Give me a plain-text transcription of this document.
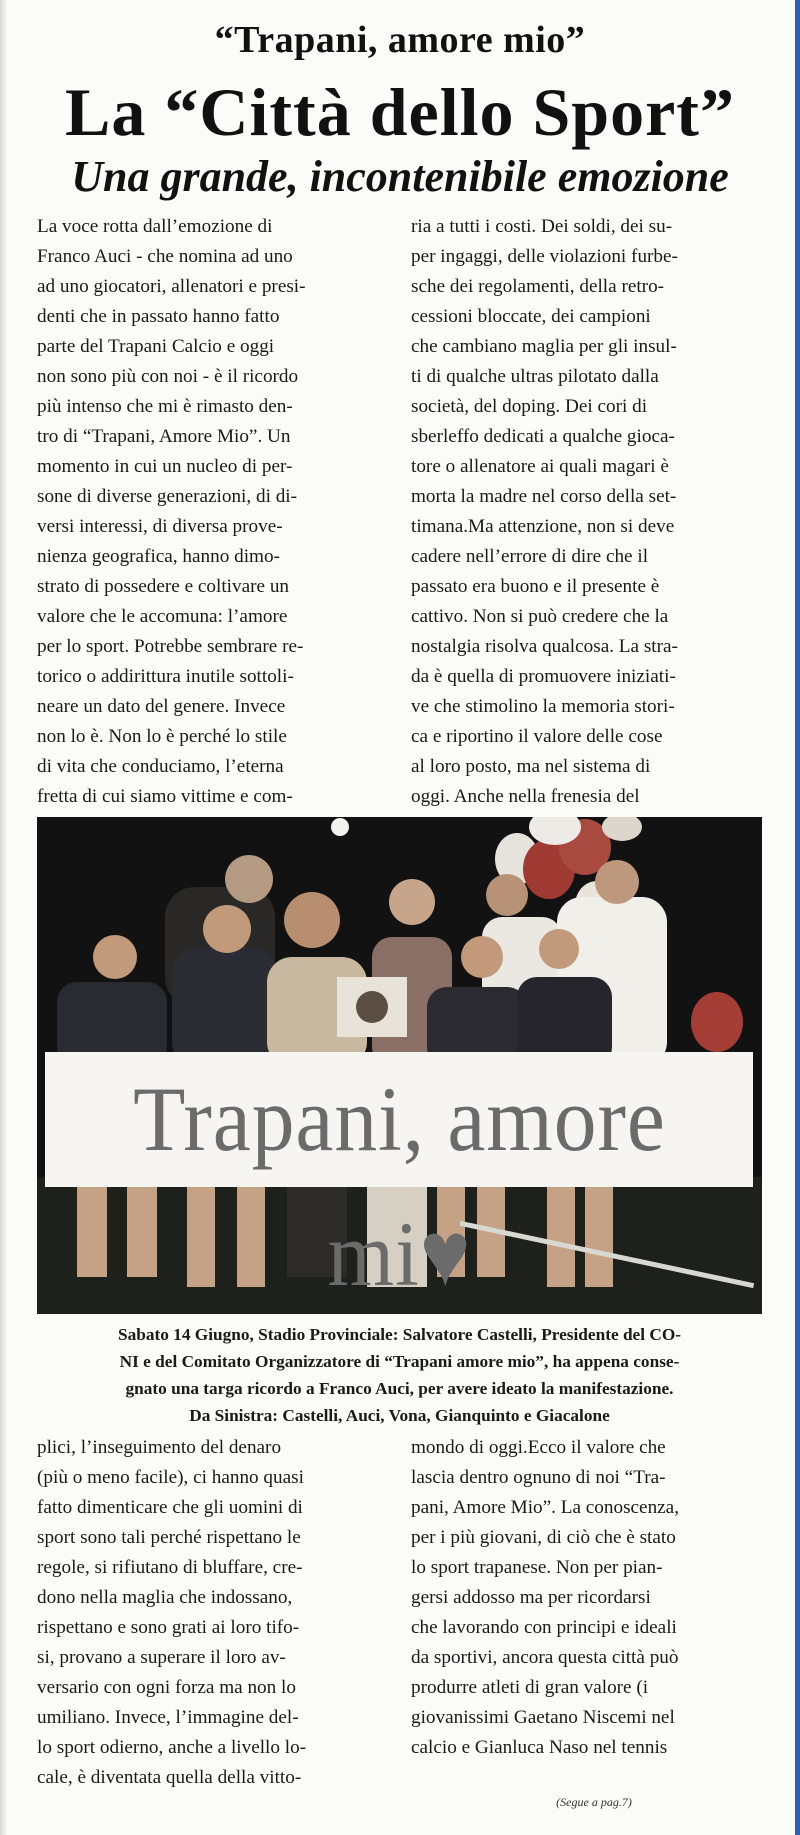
“Trapani, amore mio”
La “Città dello Sport”
Una grande, incontenibile emozione

La voce rotta dall’emozione di
Franco Auci - che nomina ad uno
ad uno giocatori, allenatori e presi-
denti che in passato hanno fatto
parte del Trapani Calcio e oggi
non sono più con noi - è il ricordo
più intenso che mi è rimasto den-
tro di “Trapani, Amore Mio”. Un
momento in cui un nucleo di per-
sone di diverse generazioni, di di-
versi interessi, di diversa prove-
nienza geografica, hanno dimo-
strato di possedere e coltivare un
valore che le accomuna: l’amore
per lo sport. Potrebbe sembrare re-
torico o addirittura inutile sottoli-
neare un dato del genere. Invece
non lo è. Non lo è perché lo stile
di vita che conduciamo, l’eterna
fretta di cui siamo vittime e com-

ria a tutti i costi. Dei soldi, dei su-
per ingaggi, delle violazioni furbe-
sche dei regolamenti, della retro-
cessioni bloccate, dei campioni
che cambiano maglia per gli insul-
ti di qualche ultras pilotato dalla
società, del doping. Dei cori di
sberleffo dedicati a qualche gioca-
tore o allenatore ai quali magari è
morta la madre nel corso della set-
timana.Ma attenzione, non si deve
cadere nell’errore di dire che il
passato era buono e il presente è
cattivo. Non si può credere che la
nostalgia risolva qualcosa. La stra-
da è quella di promuovere iniziati-
ve che stimolino la memoria stori-
ca e riportino il valore delle cose
al loro posto, ma nel sistema di
oggi. Anche nella frenesia del

Trapani, amore mi♥
Sabato 14 Giugno, Stadio Provinciale: Salvatore Castelli, Presidente del CO-
NI e del Comitato Organizzatore di “Trapani amore mio”, ha appena conse-
gnato una targa ricordo a Franco Auci, per avere ideato la manifestazione.
Da Sinistra: Castelli, Auci, Vona, Gianquinto e Giacalone

plici, l’inseguimento del denaro
(più o meno facile), ci hanno quasi
fatto dimenticare che gli uomini di
sport sono tali perché rispettano le
regole, si rifiutano di bluffare, cre-
dono nella maglia che indossano,
rispettano e sono grati ai loro tifo-
si, provano a superare il loro av-
versario con ogni forza ma non lo
umiliano. Invece, l’immagine del-
lo sport odierno, anche a livello lo-
cale, è diventata quella della vitto-

mondo di oggi.Ecco il valore che
lascia dentro ognuno di noi “Tra-
pani, Amore Mio”. La conoscenza,
per i più giovani, di ciò che è stato
lo sport trapanese. Non per pian-
gersi addosso ma per ricordarsi
che lavorando con principi e ideali
da sportivi, ancora questa città può
produrre atleti di gran valore (i
giovanissimi Gaetano Niscemi nel
calcio e Gianluca Naso nel tennis

(Segue a pag.7)
